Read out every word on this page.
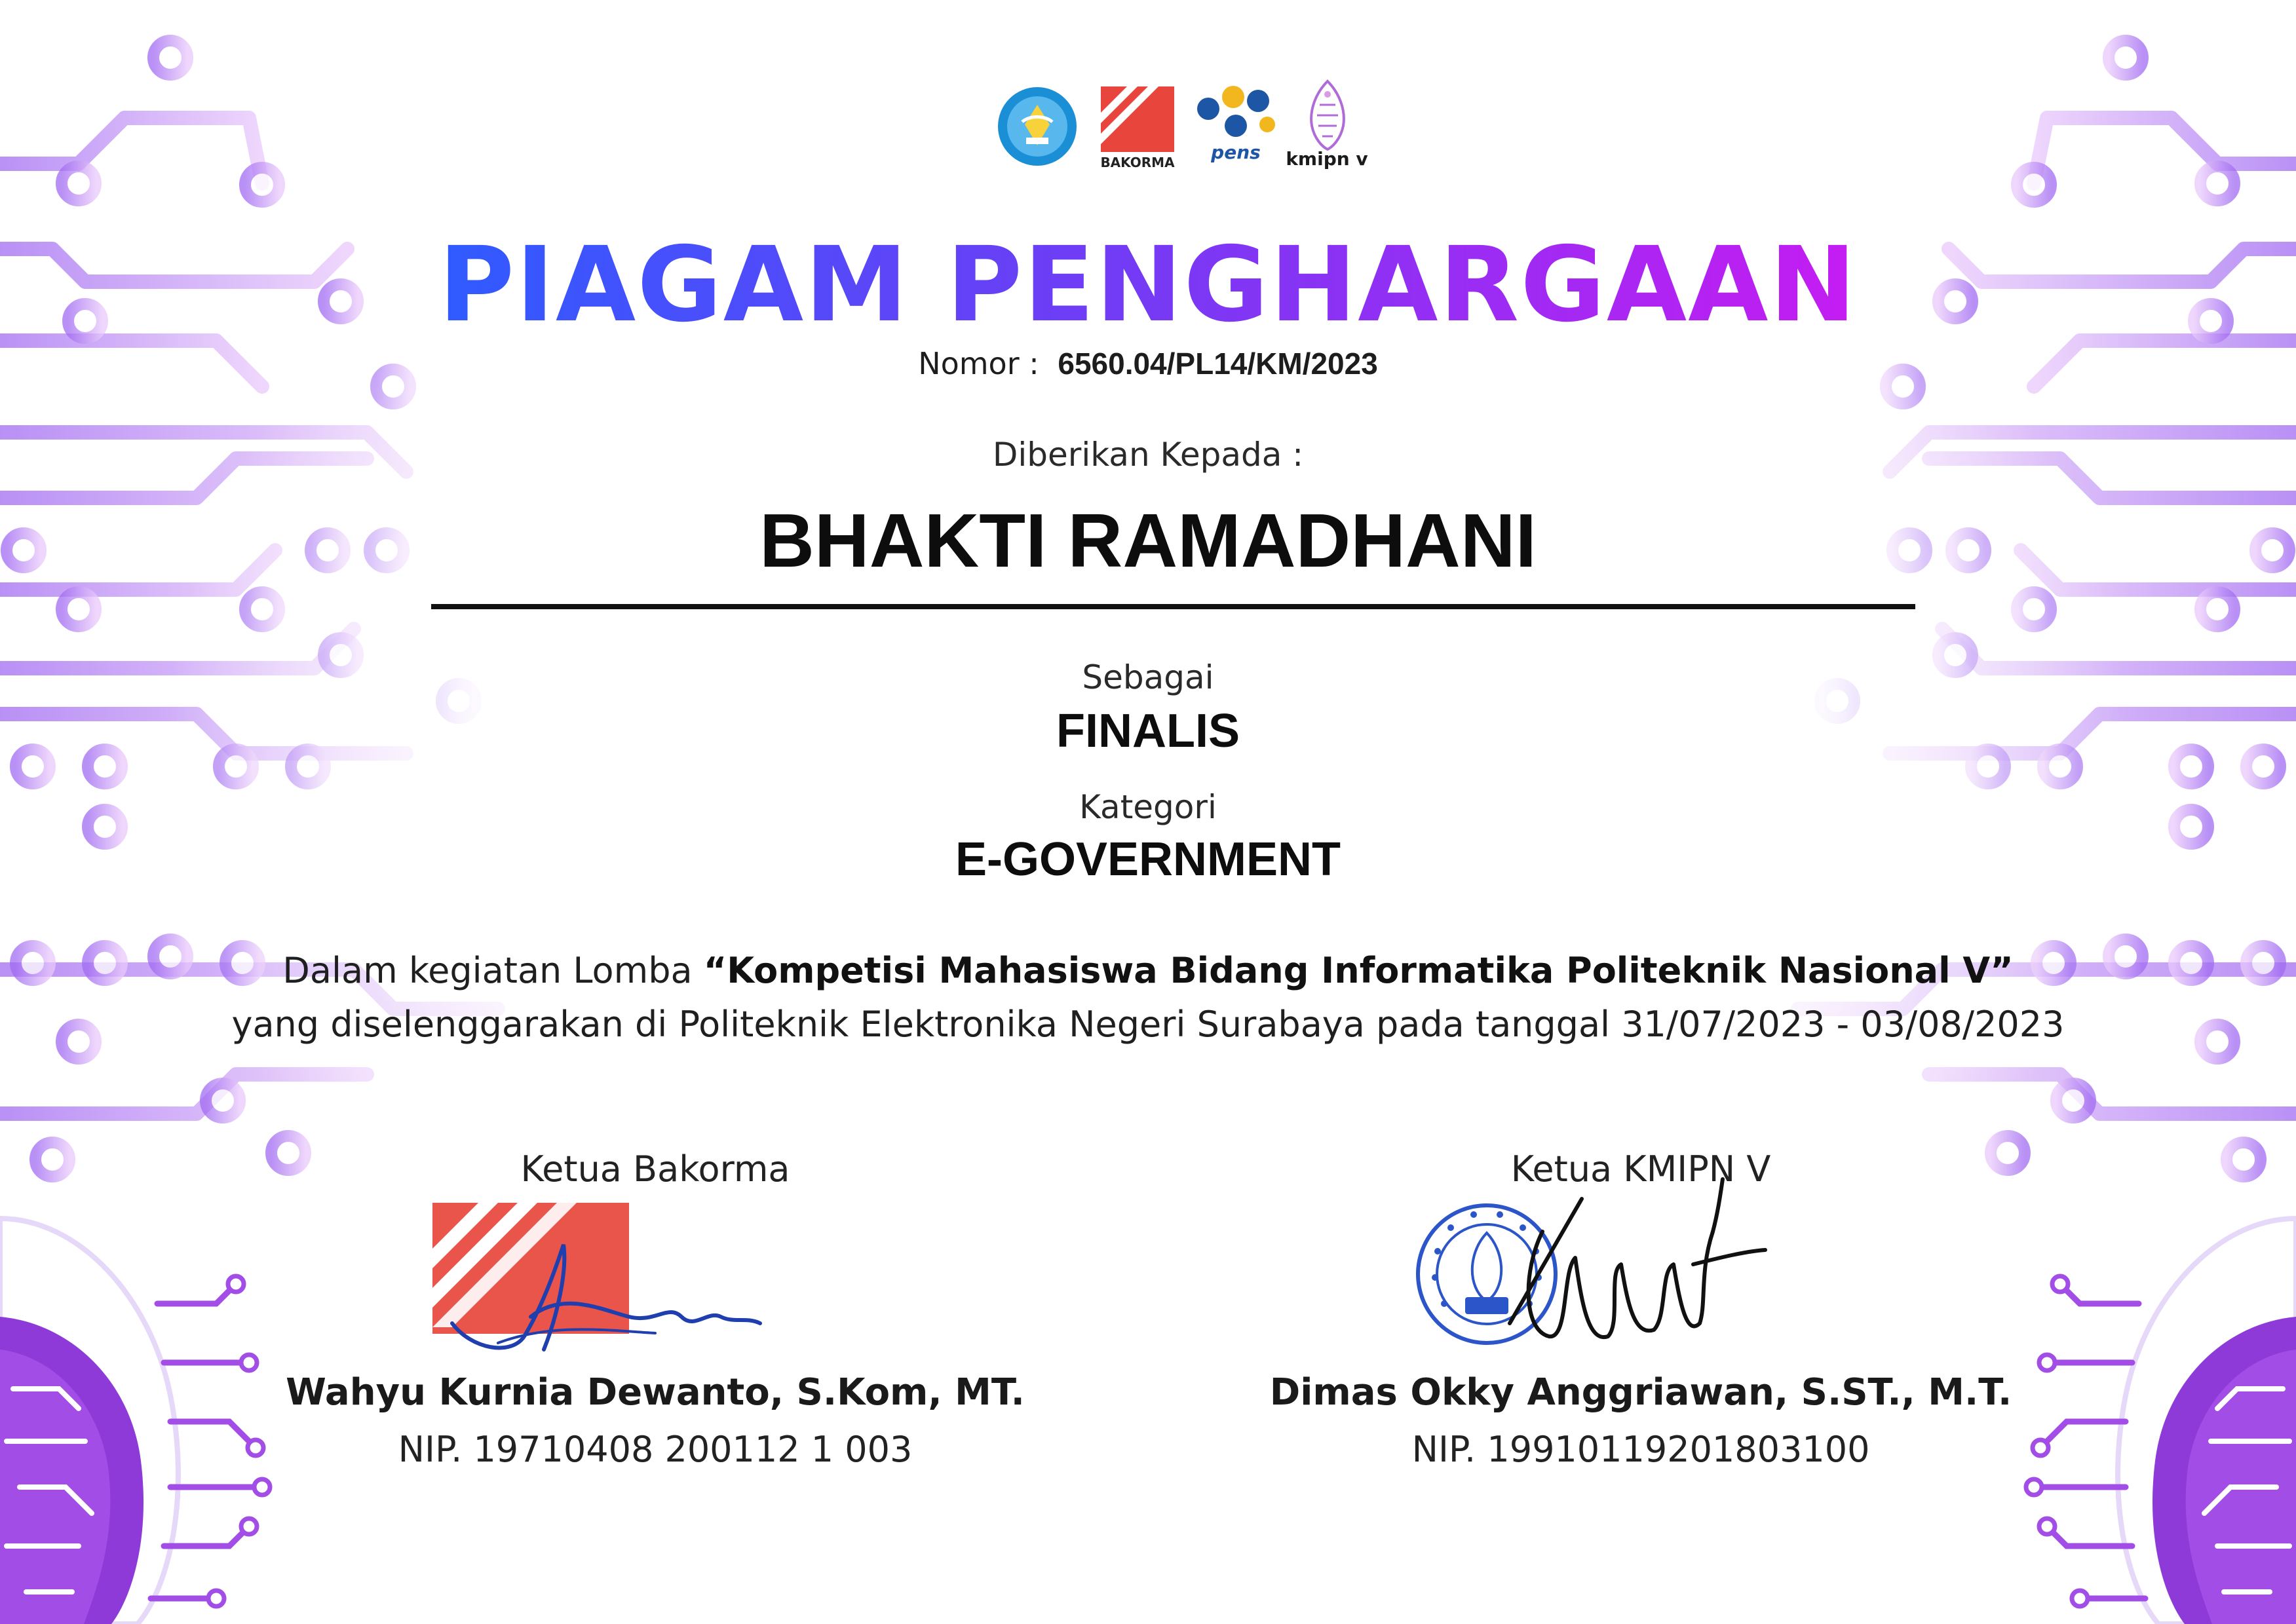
BAKORMA	pens	kmipn v
PIAGAM PENGHARGAAN
Nomor : 6560.04/PL14/KM/2023
Diberikan Kepada :
BHAKTI RAMADHANI
Sebagai
FINALIS
Kategori
E-GOVERNMENT
Dalam kegiatan Lomba “Kompetisi Mahasiswa Bidang Informatika Politeknik Nasional V”
yang diselenggarakan di Politeknik Elektronika Negeri Surabaya pada tanggal 31/07/2023 - 03/08/2023
Ketua Bakorma
Wahyu Kurnia Dewanto, S.Kom, MT.
NIP. 19710408 200112 1 003
Ketua KMIPN V
Dimas Okky Anggriawan, S.ST., M.T.
NIP. 19910119201803100
